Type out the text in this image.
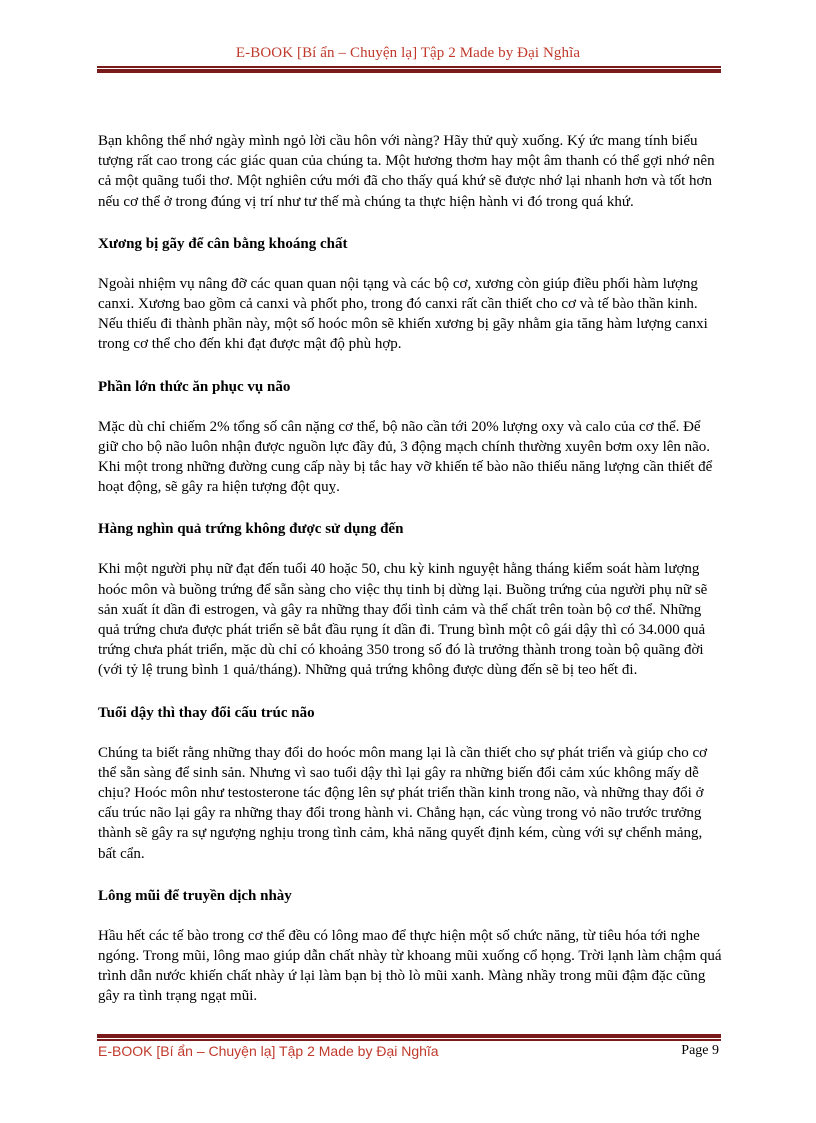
E-BOOK [Bí ẩn – Chuyện lạ] Tập 2 Made by Đại Nghĩa

Bạn không thể nhớ ngày mình ngỏ lời cầu hôn với nàng? Hãy thử quỳ xuống. Ký ức mang tính biểu tượng rất cao trong các giác quan của chúng ta. Một hương thơm hay một âm thanh có thể gợi nhớ nên cả một quãng tuổi thơ. Một nghiên cứu mới đã cho thấy quá khứ sẽ được nhớ lại nhanh hơn và tốt hơn nếu cơ thể ở trong đúng vị trí như tư thế mà chúng ta thực hiện hành vi đó trong quá khứ.

Xương bị gãy để cân bằng khoáng chất

Ngoài nhiệm vụ nâng đỡ các quan quan nội tạng và các bộ cơ, xương còn giúp điều phối hàm lượng canxi. Xương bao gồm cả canxi và phốt pho, trong đó canxi rất cần thiết cho cơ và tế bào thần kinh. Nếu thiếu đi thành phần này, một số hoóc môn sẽ khiến xương bị gãy nhằm gia tăng hàm lượng canxi trong cơ thể cho đến khi đạt được mật độ phù hợp.

Phần lớn thức ăn phục vụ não

Mặc dù chỉ chiếm 2% tổng số cân nặng cơ thể, bộ não cần tới 20% lượng oxy và calo của cơ thể. Để giữ cho bộ não luôn nhận được nguồn lực đầy đủ, 3 động mạch chính thường xuyên bơm oxy lên não. Khi một trong những đường cung cấp này bị tắc hay vỡ khiến tế bào não thiếu năng lượng cần thiết để hoạt động, sẽ gây ra hiện tượng đột quỵ.

Hàng nghìn quả trứng không được sử dụng đến

Khi một người phụ nữ đạt đến tuổi 40 hoặc 50, chu kỳ kinh nguyệt hằng tháng kiểm soát hàm lượng hoóc môn và buồng trứng để sẵn sàng cho việc thụ tinh bị dừng lại. Buồng trứng của người phụ nữ sẽ sản xuất ít dần đi estrogen, và gây ra những thay đổi tình cảm và thể chất trên toàn bộ cơ thể. Những quả trứng chưa được phát triển sẽ bắt đầu rụng ít dần đi. Trung bình một cô gái dậy thì có 34.000 quả trứng chưa phát triển, mặc dù chỉ có khoảng 350 trong số đó là trưởng thành trong toàn bộ quãng đời (với tỷ lệ trung bình 1 quả/tháng). Những quả trứng không được dùng đến sẽ bị teo hết đi.

Tuổi dậy thì thay đổi cấu trúc não

Chúng ta biết rằng những thay đổi do hoóc môn mang lại là cần thiết cho sự phát triển và giúp cho cơ thể sẵn sàng để sinh sản. Nhưng vì sao tuổi dậy thì lại gây ra những biến đổi cảm xúc không mấy dễ chịu? Hoóc môn như testosterone tác động lên sự phát triển thần kinh trong não, và những thay đổi ở cấu trúc não lại gây ra những thay đổi trong hành vi. Chẳng hạn, các vùng trong vỏ não trước trưởng thành sẽ gây ra sự ngượng nghịu trong tình cảm, khả năng quyết định kém, cùng với sự chểnh mảng, bất cẩn.

Lông mũi để truyền dịch nhày

Hầu hết các tế bào trong cơ thể đều có lông mao để thực hiện một số chức năng, từ tiêu hóa tới nghe ngóng. Trong mũi, lông mao giúp dẫn chất nhày từ khoang mũi xuống cổ họng. Trời lạnh làm chậm quá trình dẫn nước khiến chất nhày ứ lại làm bạn bị thò lò mũi xanh. Màng nhầy trong mũi đậm đặc cũng gây ra tình trạng ngạt mũi.

E-BOOK [Bí ẩn – Chuyện lạ] Tập 2 Made by Đại Nghĩa	Page 9
